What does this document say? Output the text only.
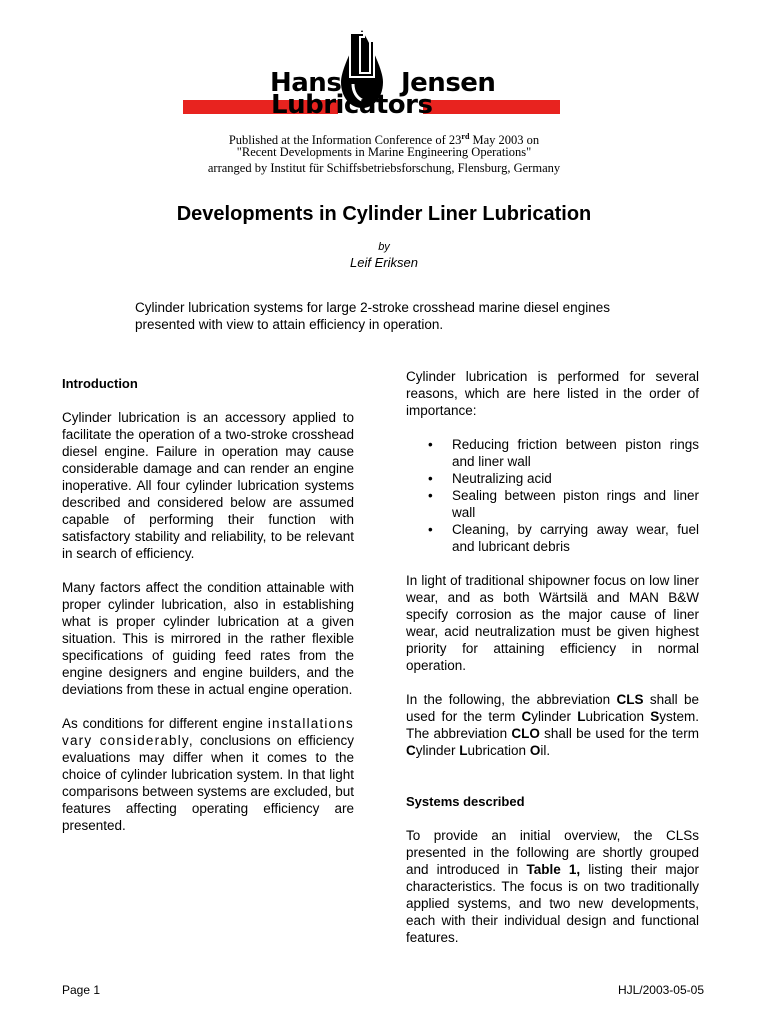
Hans Jensen
Lubricators
Published at the Information Conference of 23rd May 2003 on
"Recent Developments in Marine Engineering Operations"
arranged by Institut für Schiffsbetriebsforschung, Flensburg, Germany
Developments in Cylinder Liner Lubrication
by
Leif Eriksen
Cylinder lubrication systems for large 2-stroke crosshead marine diesel engines presented with view to attain efficiency in operation.
Introduction

Cylinder lubrication is an accessory applied to facilitate the operation of a two-stroke crosshead diesel engine. Failure in operation may cause considerable damage and can render an engine inoperative. All four cylinder lubrication systems described and considered below are assumed capable of performing their function with satisfactory stability and reliability, to be relevant in search of efficiency.

Many factors affect the condition attainable with proper cylinder lubrication, also in establishing what is proper cylinder lubrication at a given situation. This is mirrored in the rather flexible specifications of guiding feed rates from the engine designers and engine builders, and the deviations from these in actual engine operation.

As conditions for different engine installations vary considerably, conclusions on efficiency evaluations may differ when it comes to the choice of cylinder lubrication system. In that light comparisons between systems are excluded, but features affecting operating efficiency are presented.

Cylinder lubrication is performed for several reasons, which are here listed in the order of importance:

• Reducing friction between piston rings and liner wall
• Neutralizing acid
• Sealing between piston rings and liner wall
• Cleaning, by carrying away wear, fuel and lubricant debris

In light of traditional shipowner focus on low liner wear, and as both Wärtsilä and MAN B&W specify corrosion as the major cause of liner wear, acid neutralization must be given highest priority for attaining efficiency in normal operation.

In the following, the abbreviation CLS shall be used for the term Cylinder Lubrication System. The abbreviation CLO shall be used for the term Cylinder Lubrication Oil.

Systems described

To provide an initial overview, the CLSs presented in the following are shortly grouped and introduced in Table 1, listing their major characteristics. The focus is on two traditionally applied systems, and two new developments, each with their individual design and functional features.

Page 1	HJL/2003-05-05
